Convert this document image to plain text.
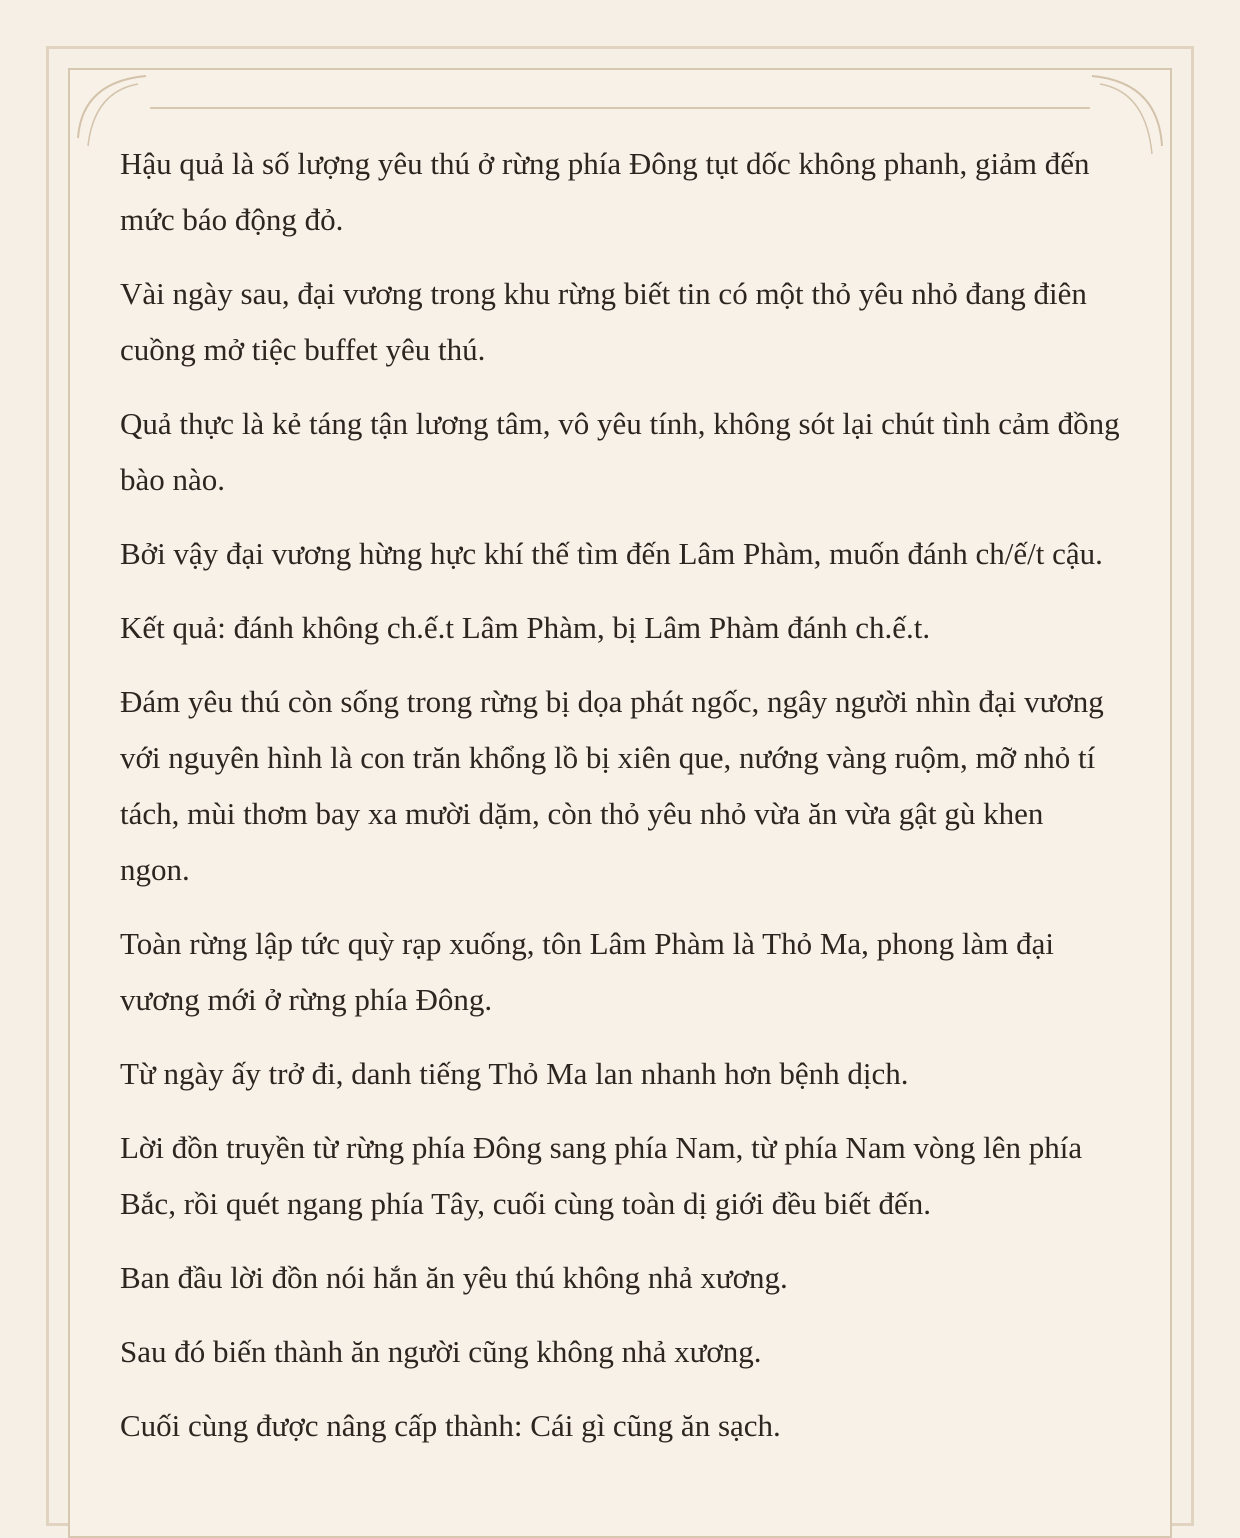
Hậu quả là số lượng yêu thú ở rừng phía Đông tụt dốc không phanh, giảm đến mức báo động đỏ.

Vài ngày sau, đại vương trong khu rừng biết tin có một thỏ yêu nhỏ đang điên cuồng mở tiệc buffet yêu thú.

Quả thực là kẻ táng tận lương tâm, vô yêu tính, không sót lại chút tình cảm đồng bào nào.

Bởi vậy đại vương hừng hực khí thế tìm đến Lâm Phàm, muốn đánh ch/ế/t cậu.

Kết quả: đánh không ch.ế.t Lâm Phàm, bị Lâm Phàm đánh ch.ế.t.

Đám yêu thú còn sống trong rừng bị dọa phát ngốc, ngây người nhìn đại vương với nguyên hình là con trăn khổng lồ bị xiên que, nướng vàng ruộm, mỡ nhỏ tí tách, mùi thơm bay xa mười dặm, còn thỏ yêu nhỏ vừa ăn vừa gật gù khen ngon.

Toàn rừng lập tức quỳ rạp xuống, tôn Lâm Phàm là Thỏ Ma, phong làm đại vương mới ở rừng phía Đông.

Từ ngày ấy trở đi, danh tiếng Thỏ Ma lan nhanh hơn bệnh dịch.

Lời đồn truyền từ rừng phía Đông sang phía Nam, từ phía Nam vòng lên phía Bắc, rồi quét ngang phía Tây, cuối cùng toàn dị giới đều biết đến.

Ban đầu lời đồn nói hắn ăn yêu thú không nhả xương.

Sau đó biến thành ăn người cũng không nhả xương.

Cuối cùng được nâng cấp thành: Cái gì cũng ăn sạch.
